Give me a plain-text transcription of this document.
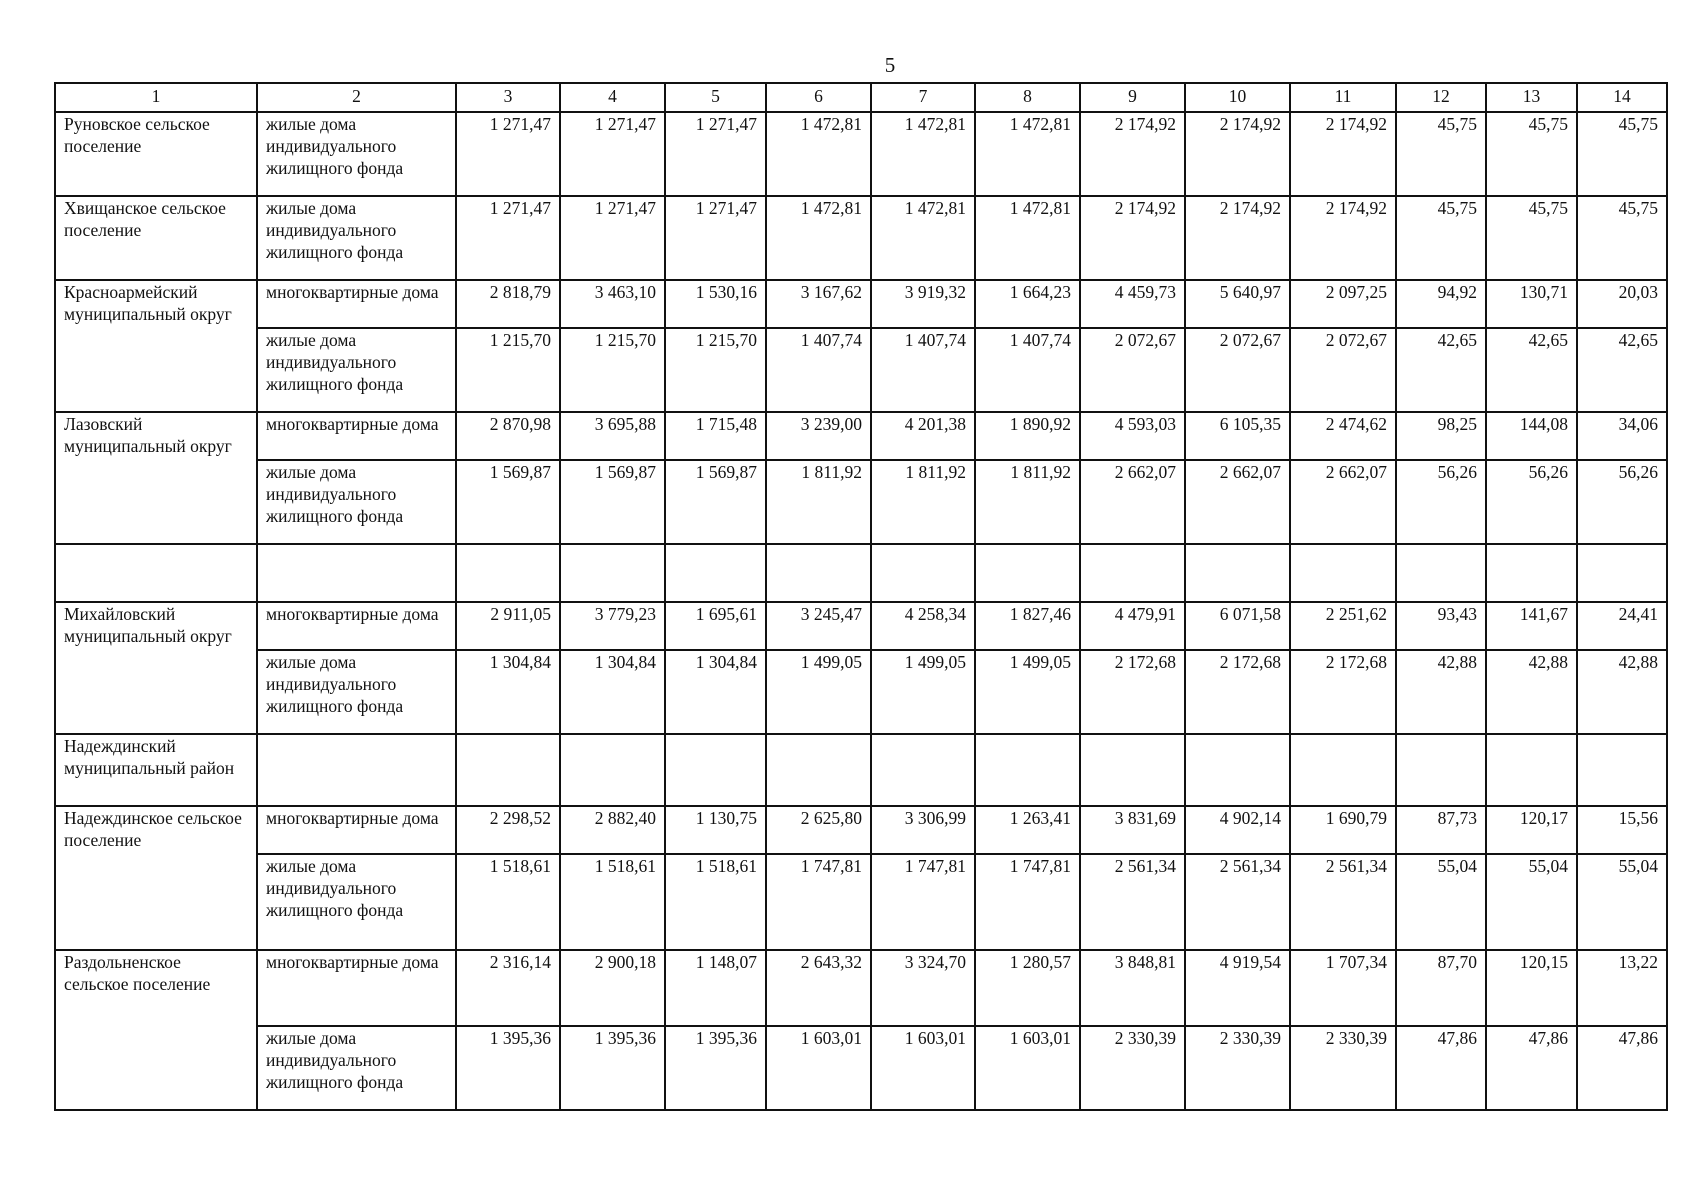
5
1	2	3	4	5	6	7	8	9	10	11	12	13	14
Руновское сельское поселение	жилые дома индивидуального жилищного фонда	1 271,47	1 271,47	1 271,47	1 472,81	1 472,81	1 472,81	2 174,92	2 174,92	2 174,92	45,75	45,75	45,75
Хвищанское сельское поселение	жилые дома индивидуального жилищного фонда	1 271,47	1 271,47	1 271,47	1 472,81	1 472,81	1 472,81	2 174,92	2 174,92	2 174,92	45,75	45,75	45,75
Красноармейский муниципальный округ	многоквартирные дома	2 818,79	3 463,10	1 530,16	3 167,62	3 919,32	1 664,23	4 459,73	5 640,97	2 097,25	94,92	130,71	20,03
	жилые дома индивидуального жилищного фонда	1 215,70	1 215,70	1 215,70	1 407,74	1 407,74	1 407,74	2 072,67	2 072,67	2 072,67	42,65	42,65	42,65
Лазовский муниципальный округ	многоквартирные дома	2 870,98	3 695,88	1 715,48	3 239,00	4 201,38	1 890,92	4 593,03	6 105,35	2 474,62	98,25	144,08	34,06
	жилые дома индивидуального жилищного фонда	1 569,87	1 569,87	1 569,87	1 811,92	1 811,92	1 811,92	2 662,07	2 662,07	2 662,07	56,26	56,26	56,26

Михайловский муниципальный округ	многоквартирные дома	2 911,05	3 779,23	1 695,61	3 245,47	4 258,34	1 827,46	4 479,91	6 071,58	2 251,62	93,43	141,67	24,41
	жилые дома индивидуального жилищного фонда	1 304,84	1 304,84	1 304,84	1 499,05	1 499,05	1 499,05	2 172,68	2 172,68	2 172,68	42,88	42,88	42,88
Надеждинский муниципальный район													
Надеждинское сельское поселение	многоквартирные дома	2 298,52	2 882,40	1 130,75	2 625,80	3 306,99	1 263,41	3 831,69	4 902,14	1 690,79	87,73	120,17	15,56
	жилые дома индивидуального жилищного фонда	1 518,61	1 518,61	1 518,61	1 747,81	1 747,81	1 747,81	2 561,34	2 561,34	2 561,34	55,04	55,04	55,04
Раздольненское сельское поселение	многоквартирные дома	2 316,14	2 900,18	1 148,07	2 643,32	3 324,70	1 280,57	3 848,81	4 919,54	1 707,34	87,70	120,15	13,22
	жилые дома индивидуального жилищного фонда	1 395,36	1 395,36	1 395,36	1 603,01	1 603,01	1 603,01	2 330,39	2 330,39	2 330,39	47,86	47,86	47,86
